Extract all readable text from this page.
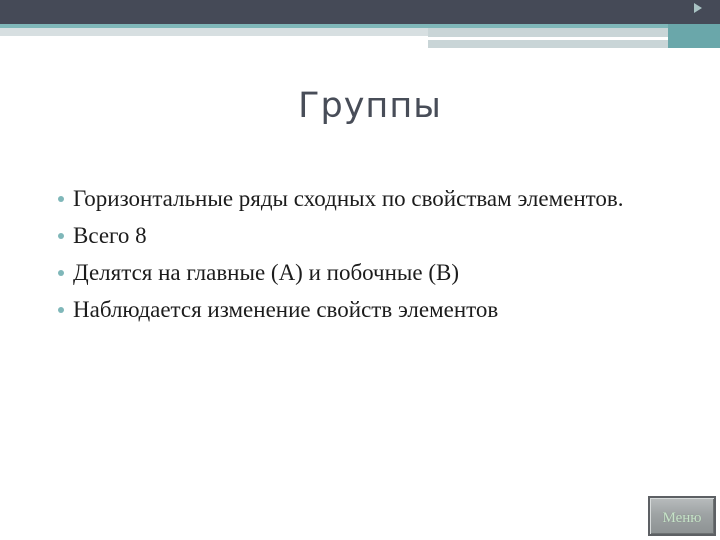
Группы
Горизонтальные ряды сходных по свойствам элементов.
Всего 8
Делятся на главные (А) и побочные (В)
Наблюдается изменение свойств элементов
Меню
